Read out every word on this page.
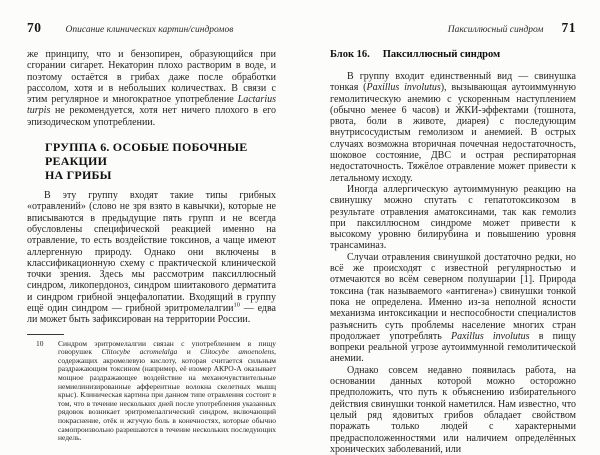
70	Описание клинических картин/синдромов

же принципу, что и бензопирен, образующийся при сгорании сигарет. Некаторин плохо растворим в воде, и поэтому остаётся в грибах даже после обработки рассолом, хотя и в небольших количествах. В связи с этим регулярное и многократное употребление Lactarius turpis не рекомендуется, хотя нет ничего плохого в его эпизодическом употреблении.

ГРУППА 6. ОСОБЫЕ ПОБОЧНЫЕ РЕАКЦИИ
НА ГРИБЫ

В эту группу входят такие типы грибных «отравлений» (слово не зря взято в кавычки), которые не вписываются в предыдущие пять групп и не всегда обусловлены специфической реакцией именно на отравление, то есть воздействие токсинов, а чаще имеют аллергенную природу. Однако они включены в классификационную схему с практической клинической точки зрения. Здесь мы рассмотрим паксиллюсный синдром, ликопердоноз, синдром шиитакового дерматита и синдром грибной энцефалопатии. Входящий в группу ещё один синдром — грибной эритромелалгии$^{10}$ — едва ли может быть зафиксирован на территории России.

10	Синдром эритромелалгии связан с употреблением в пищу говорушек Clitocybe acromelalga и Clitocybe amoenolens, содержащих акромелевую кислоту, которая считается сильным раздражающим токсином (например, её изомер АКРО-А оказывает мощное раздражающее воздействие на механочувствительные немиелинизированные афферентные волокна скелетных мышц крыс). Клиническая картина при данном типе отравления состоит в том, что в течение нескольких дней после употребления указанных рядовок возникает эритромелалгический синдром, включающий покраснение, отёк и жгучую боль в конечностях, которые обычно самопроизвольно разрешаются в течение нескольких последующих недель.

Паксиллюсный синдром 71
Блок 16. Паксиллюсный синдром

В группу входит единственный вид — свинушка тонкая (Paxillus involutus), вызывающая аутоиммунную гемолитическую анемию с ускоренным наступлением (обычно менее 6 часов) и ЖКИ-эффектами (тошнота, рвота, боли в животе, диарея) с последующим внутрисосудистым гемолизом и анемией. В острых случаях возможна вторичная почечная недостаточность, шоковое состояние, ДВС и острая респираторная недостаточность. Тяжёлое отравление может привести к летальному исходу.

Иногда аллергическую аутоиммунную реакцию на свинушку можно спутать с гепатотоксикозом в результате отравления аматоксинами, так как гемолиз при паксиллюсном синдроме может привести к высокому уровню билирубина и повышению уровня трансаминаз.

Случаи отравления свинушкой достаточно редки, но всё же происходят с известной регулярностью и отмечаются во всём северном полушарии [1]. Природа токсина (так называемого «антигена») свинушки тонкой пока не определена. Именно из-за неполной ясности механизма интоксикации и неспособности специалистов разъяснить суть проблемы население многих стран продолжает употреблять Paxillus involutus в пищу вопреки реальной угрозе аутоиммунной гемолитической анемии.

Однако совсем недавно появилась работа, на основании данных которой можно осторожно предположить, что путь к объяснению избирательного действия свинушки тонкой наметился. Нам известно, что целый ряд ядовитых грибов обладает свойством поражать только людей с характерными предрасположенностями или наличием определённых хронических заболеваний, или
